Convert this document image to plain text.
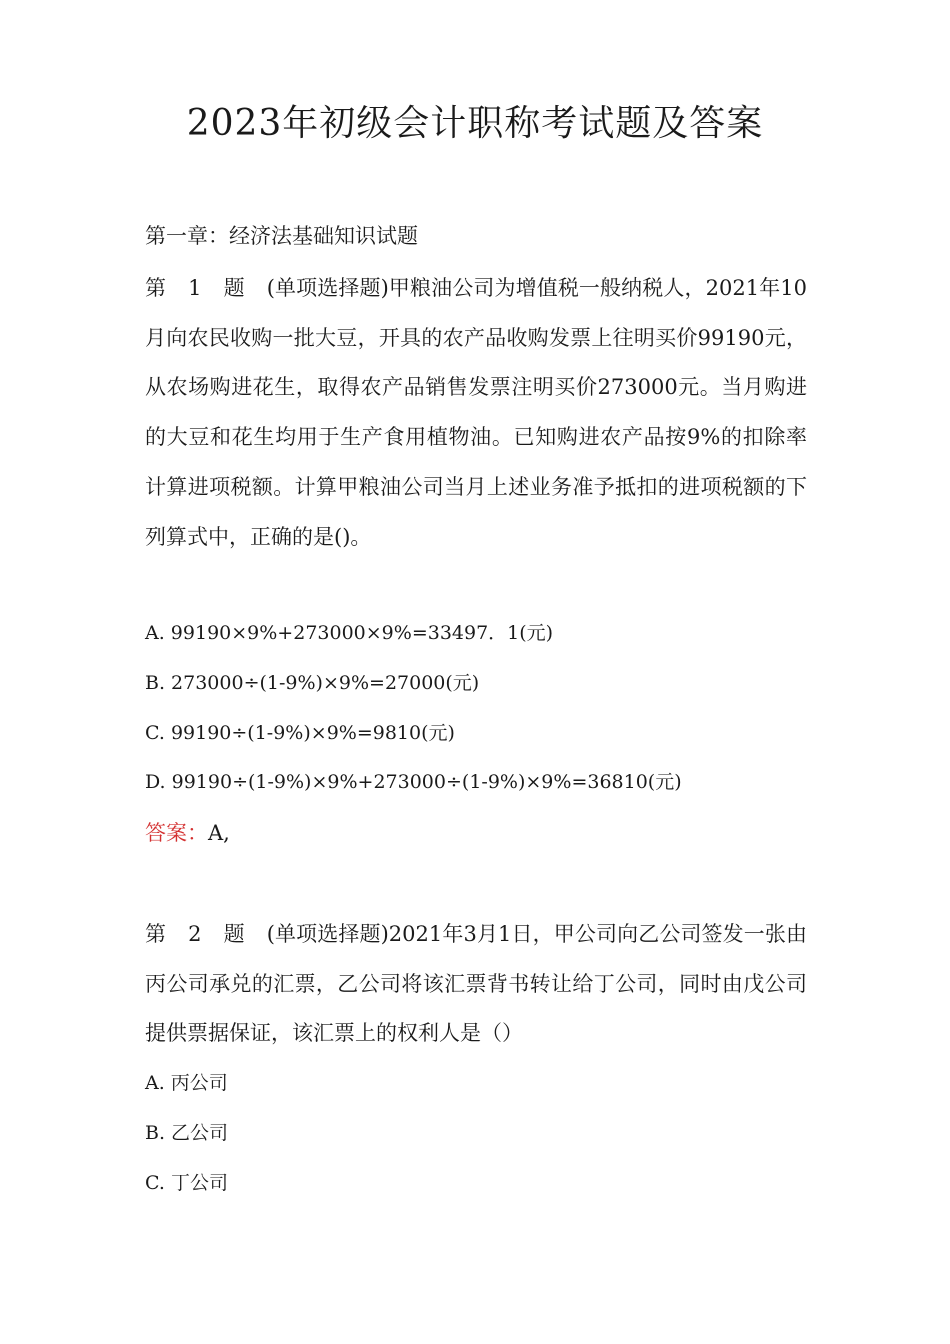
2023年初级会计职称考试题及答案

第一章：经济法基础知识试题

第 1 题 (单项选择题)甲粮油公司为增值税一般纳税人，2021年10月向农民收购一批大豆，开具的农产品收购发票上往明买价99190元，从农场购进花生，取得农产品销售发票注明买价273000元。当月购进的大豆和花生均用于生产食用植物油。已知购进农产品按9%的扣除率计算进项税额。计算甲粮油公司当月上述业务准予抵扣的进项税额的下列算式中，正确的是()。

A. 99190×9%+273000×9%=33497．1(元)
B. 273000÷(1-9%)×9%=27000(元)
C. 99190÷(1-9%)×9%=9810(元)
D. 99190÷(1-9%)×9%+273000÷(1-9%)×9%=36810(元)

答案：A,

第 2 题 (单项选择题)2021年3月1日，甲公司向乙公司签发一张由丙公司承兑的汇票，乙公司将该汇票背书转让给丁公司，同时由戊公司提供票据保证，该汇票上的权利人是（）

A. 丙公司
B. 乙公司
C. 丁公司
